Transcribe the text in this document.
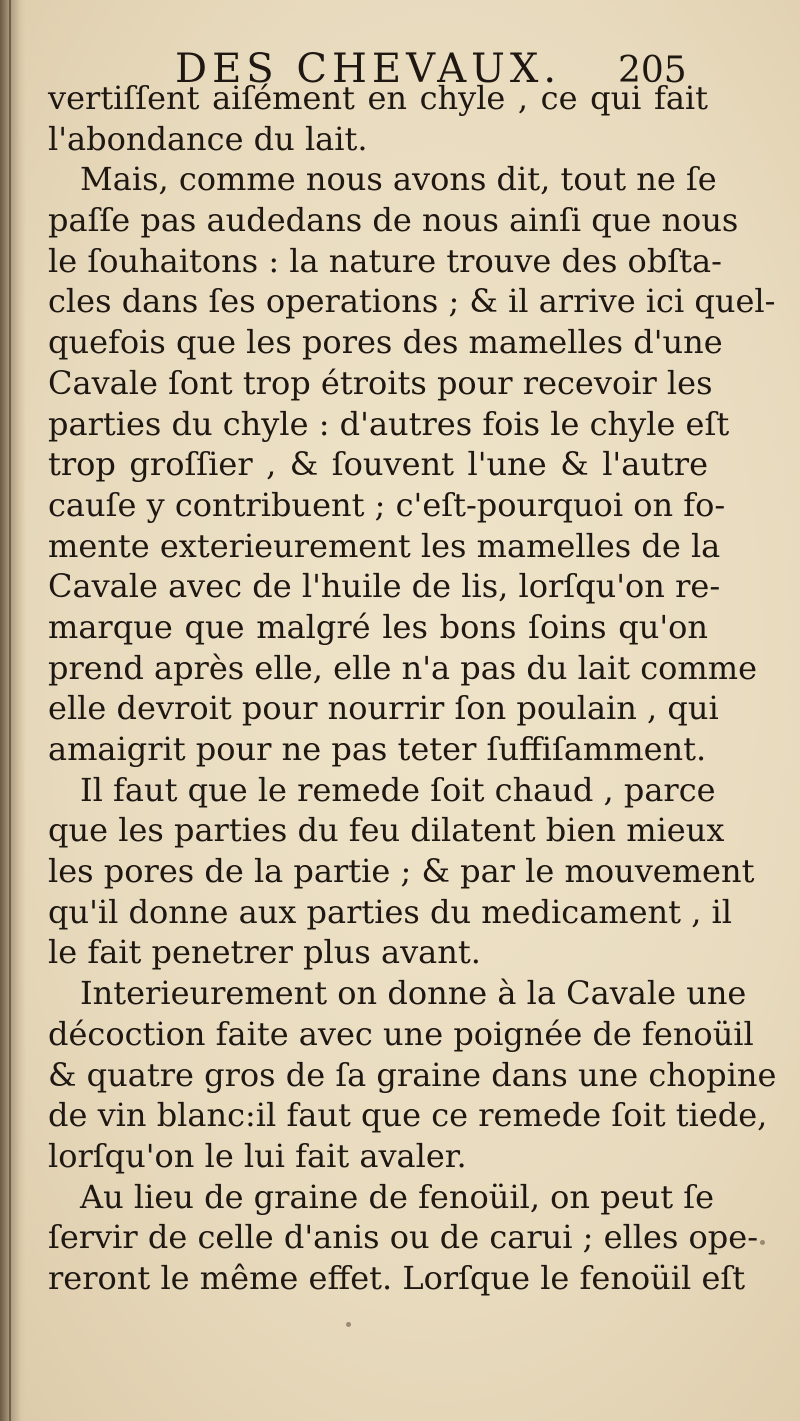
DES CHEVAUX. 205
vertiſſent aiſément en chyle , ce qui fait
l'abondance du lait.
Mais, comme nous avons dit, tout ne ſe
paſſe pas audedans de nous ainſi que nous
le ſouhaitons : la nature trouve des obſta-
cles dans ſes operations ; & il arrive ici quel-
quefois que les pores des mamelles d'une
Cavale ſont trop étroits pour recevoir les
parties du chyle : d'autres fois le chyle eſt
trop groſſier , & ſouvent l'une & l'autre
cauſe y contribuent ; c'eſt-pourquoi on fo-
mente exterieurement les mamelles de la
Cavale avec de l'huile de lis, lorſqu'on re-
marque que malgré les bons ſoins qu'on
prend après elle, elle n'a pas du lait comme
elle devroit pour nourrir ſon poulain , qui
amaigrit pour ne pas teter ſuffiſamment.
Il faut que le remede ſoit chaud , parce
que les parties du feu dilatent bien mieux
les pores de la partie ; & par le mouvement
qu'il donne aux parties du medicament , il
le fait penetrer plus avant.
Interieurement on donne à la Cavale une
décoction faite avec une poignée de fenoüil
& quatre gros de ſa graine dans une chopine
de vin blanc:il faut que ce remede ſoit tiede,
lorſqu'on le lui fait avaler.
Au lieu de graine de fenoüil, on peut ſe
ſervir de celle d'anis ou de carui ; elles ope-
reront le même effet. Lorſque le fenoüil eſt
